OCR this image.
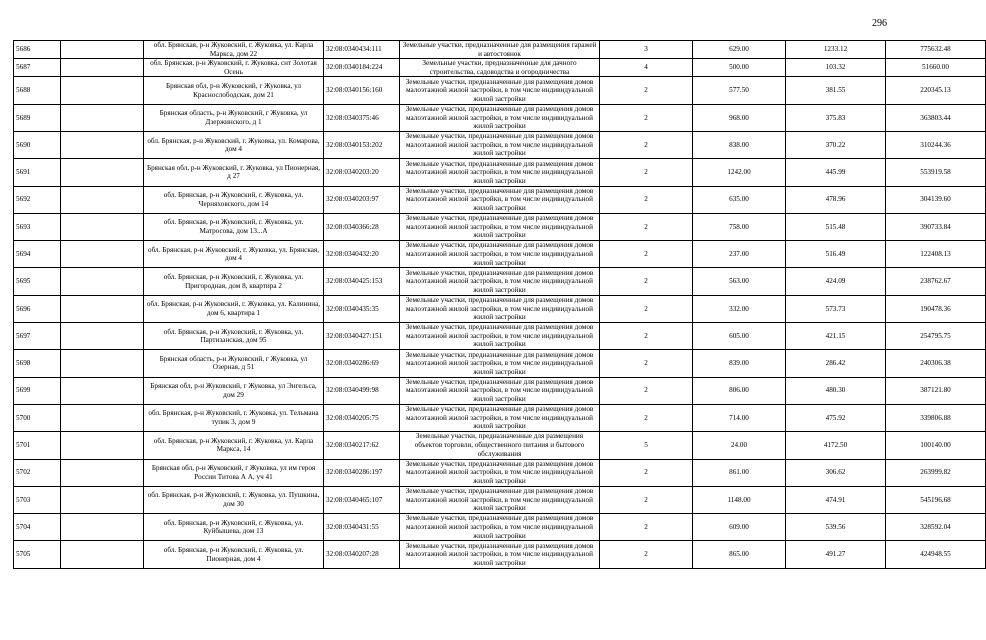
296
5686		обл. Брянская, р-н Жуковский, г. Жуковка, ул. Карла Маркса, дом 22	32:08:0340434:111	Земельные участки, предназначенные для размещения гаражей и автостоянок	3	629.00	1233.12	775632.48
5687		обл. Брянская, р-н Жуковский, г. Жуковка, снт Золотая Осень	32:08:0340184:224	Земельные участки, предназначенные для дачного строительства, садоводства и огородничества	4	500.00	103.32	51660.00
5688		Брянская обл, р-н Жуковский, г Жуковка, ул Краснослободская, дом 21	32:08:0340156:160	Земельные участки, предназначенные для размещения домов малоэтажной жилой застройки, в том числе индивидуальной жилой застройки	2	577.50	381.55	220345.13
5689		Брянская область, р-н Жуковский, г Жуковка, ул Дзержинского, д 1	32:08:0340375:46	Земельные участки, предназначенные для размещения домов малоэтажной жилой застройки, в том числе индивидуальной жилой застройки	2	968.00	375.83	363803.44
5690		обл. Брянская, р-н Жуковский, г. Жуковка, ул. Комарова, дом 4	32:08:0340153:202	Земельные участки, предназначенные для размещения домов малоэтажной жилой застройки, в том числе индивидуальной жилой застройки	2	838.00	370.22	310244.36
5691		Брянская обл, р-н Жуковский, г. Жуковка, ул Пионерная, д 27	32:08:0340203:20	Земельные участки, предназначенные для размещения домов малоэтажной жилой застройки, в том числе индивидуальной жилой застройки	2	1242.00	445.99	553919.58
5692		обл. Брянская, р-н Жуковский, г. Жуковка, ул. Черняховского, дом 14	32:08:0340203:97	Земельные участки, предназначенные для размещения домов малоэтажной жилой застройки, в том числе индивидуальной жилой застройки	2	635.00	478.96	304139.60
5693		обл. Брянская, р-н Жуковский, г. Жуковка, ул. Матросова, дом 13...А	32:08:0340366:28	Земельные участки, предназначенные для размещения домов малоэтажной жилой застройки, в том числе индивидуальной жилой застройки	2	758.00	515.48	390733.84
5694		обл. Брянская, р-н Жуковский, г. Жуковка, ул. Брянская, дом 4	32:08:0340432:20	Земельные участки, предназначенные для размещения домов малоэтажной жилой застройки, в том числе индивидуальной жилой застройки	2	237.00	516.49	122408.13
5695		обл. Брянская, р-н Жуковский, г. Жуковка, ул. Пригородная, дом 8, квартира 2	32:08:0340425:153	Земельные участки, предназначенные для размещения домов малоэтажной жилой застройки, в том числе индивидуальной жилой застройки	2	563.00	424.09	238762.67
5696		обл. Брянская, р-н Жуковский, г. Жуковка, ул. Калинина, дом 6, квартира 1	32:08:0340435:35	Земельные участки, предназначенные для размещения домов малоэтажной жилой застройки, в том числе индивидуальной жилой застройки	2	332.00	573.73	190478.36
5697		обл. Брянская, р-н Жуковский, г. Жуковка, ул. Партизанская, дом 95	32:08:0340427:151	Земельные участки, предназначенные для размещения домов малоэтажной жилой застройки, в том числе индивидуальной жилой застройки	2	605.00	421.15	254795.75
5698		Брянская область, р-н Жуковский, г Жуковка, ул Озерная, д 51	32:08:0340286:69	Земельные участки, предназначенные для размещения домов малоэтажной жилой застройки, в том числе индивидуальной жилой застройки	2	839.00	286.42	240306.38
5699		Брянская обл, р-н Жуковский, г Жуковка, ул Энгельса, дом 29	32:08:0340499:98	Земельные участки, предназначенные для размещения домов малоэтажной жилой застройки, в том числе индивидуальной жилой застройки	2	806.00	480.30	387121.80
5700		обл. Брянская, р-н Жуковский, г. Жуковка, ул. Тельмана тупик 3, дом 9	32:08:0340205:75	Земельные участки, предназначенные для размещения домов малоэтажной жилой застройки, в том числе индивидуальной жилой застройки	2	714.00	475.92	339806.88
5701		обл. Брянская, р-н Жуковский, г. Жуковка, ул. Карла Маркса, 14	32:08:0340217:62	Земельные участки, предназначенные для размещения объектов торговли, общественного питания и бытового обслуживания	5	24.00	4172.50	100140.00
5702		Брянская обл, р-н Жуковский, г Жуковка, ул им героя России Титова А А, уч 41	32:08:0340286:197	Земельные участки, предназначенные для размещения домов малоэтажной жилой застройки, в том числе индивидуальной жилой застройки	2	861.00	306.62	263999.82
5703		обл. Брянская, р-н Жуковский, г. Жуковка, ул. Пушкина, дом 30	32:08:0340465:107	Земельные участки, предназначенные для размещения домов малоэтажной жилой застройки, в том числе индивидуальной жилой застройки	2	1148.00	474.91	545196.68
5704		обл. Брянская, р-н Жуковский, г. Жуковка, ул. Куйбышева, дом 13	32:08:0340431:55	Земельные участки, предназначенные для размещения домов малоэтажной жилой застройки, в том числе индивидуальной жилой застройки	2	609.00	539.56	328592.04
5705		обл. Брянская, р-н Жуковский, г. Жуковка, ул. Пионерная, дом 4	32:08:0340207:28	Земельные участки, предназначенные для размещения домов малоэтажной жилой застройки, в том числе индивидуальной жилой застройки	2	865.00	491.27	424948.55
